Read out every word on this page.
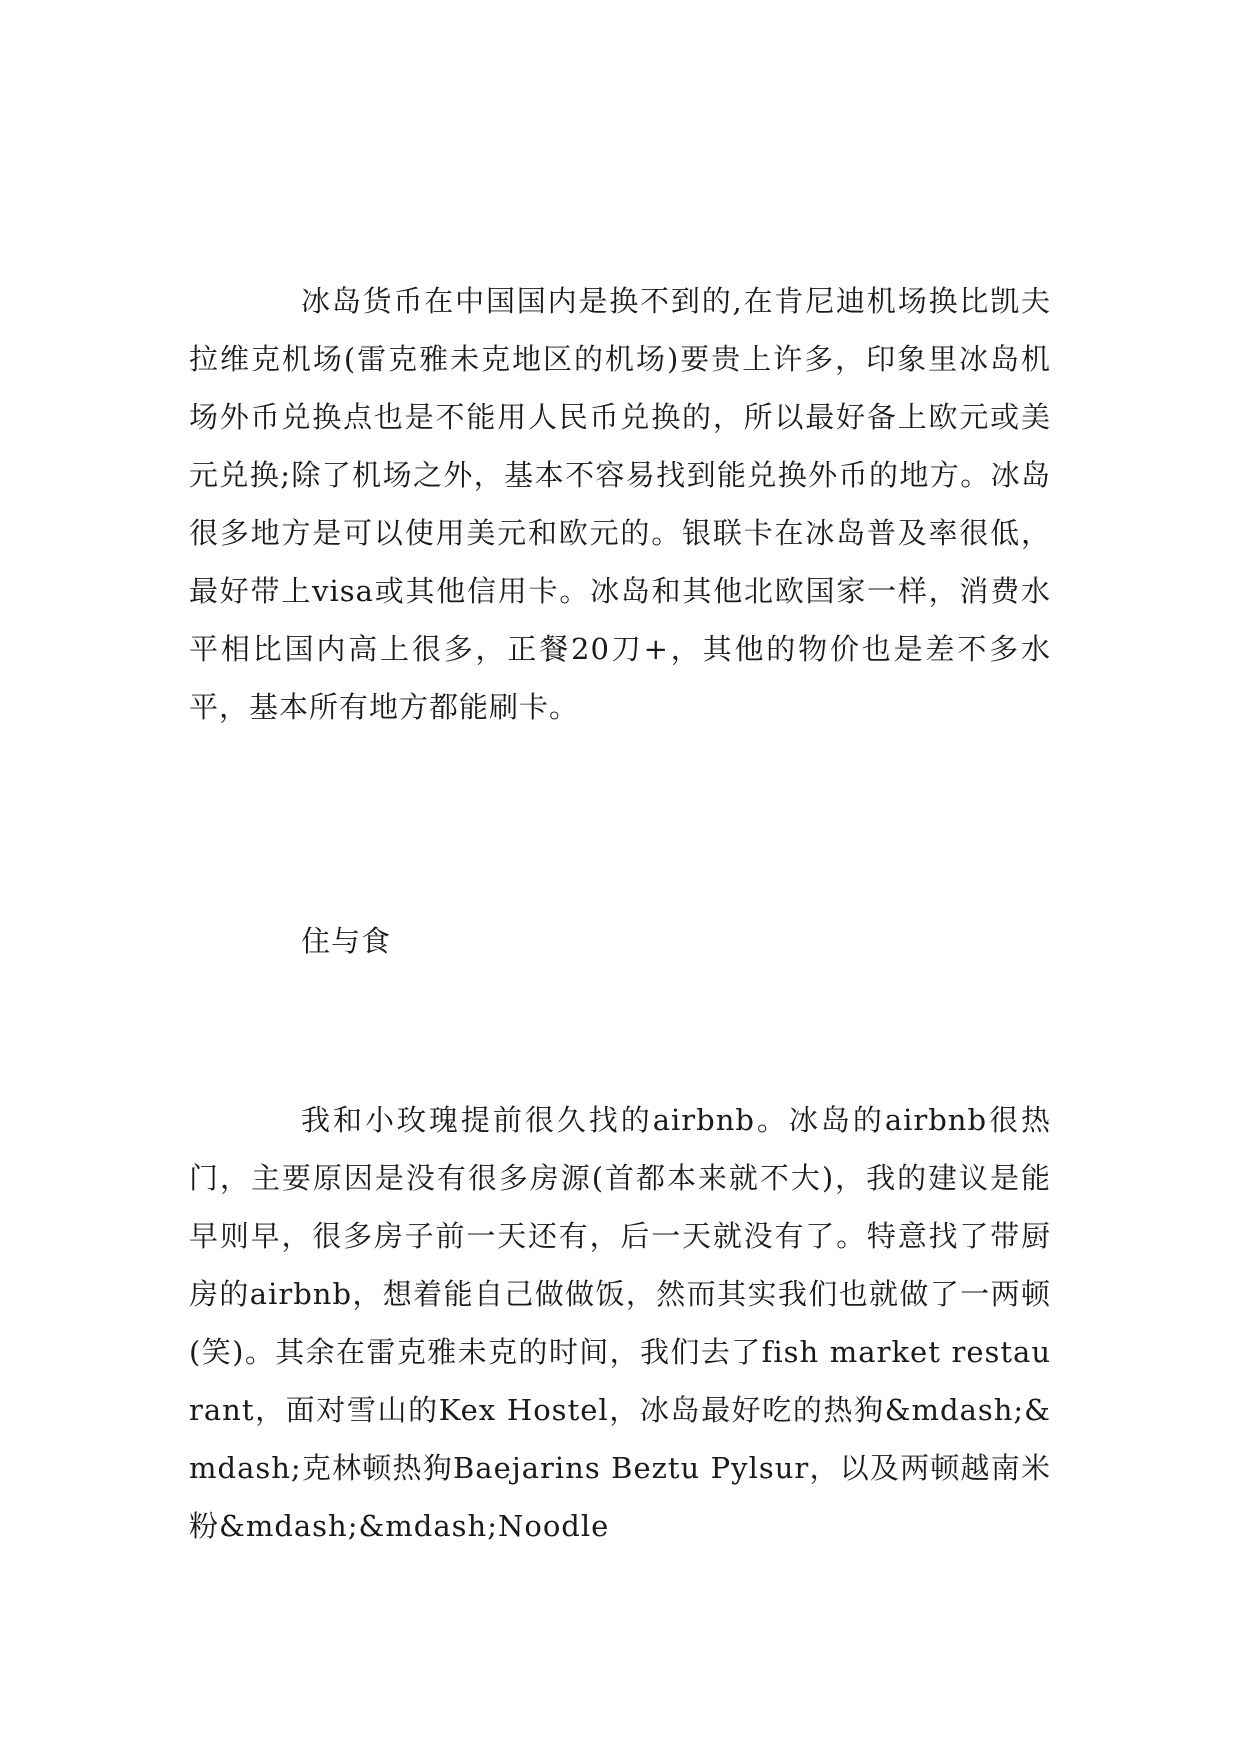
冰岛货币在中国国内是换不到的,在肯尼迪机场换比凯夫拉维克机场(雷克雅未克地区的机场)要贵上许多，印象里冰岛机场外币兑换点也是不能用人民币兑换的，所以最好备上欧元或美元兑换;除了机场之外，基本不容易找到能兑换外币的地方。冰岛很多地方是可以使用美元和欧元的。银联卡在冰岛普及率很低，最好带上visa或其他信用卡。冰岛和其他北欧国家一样，消费水平相比国内高上很多，正餐20刀+，其他的物价也是差不多水平，基本所有地方都能刷卡。

住与食

我和小玫瑰提前很久找的airbnb。冰岛的airbnb很热门，主要原因是没有很多房源(首都本来就不大)，我的建议是能早则早，很多房子前一天还有，后一天就没有了。特意找了带厨房的airbnb，想着能自己做做饭，然而其实我们也就做了一两顿(笑)。其余在雷克雅未克的时间，我们去了fish market restaurant，面对雪山的Kex Hostel，冰岛最好吃的热狗&mdash;&mdash;克林顿热狗Baejarins Beztu Pylsur，以及两顿越南米粉&mdash;&mdash;Noodle
